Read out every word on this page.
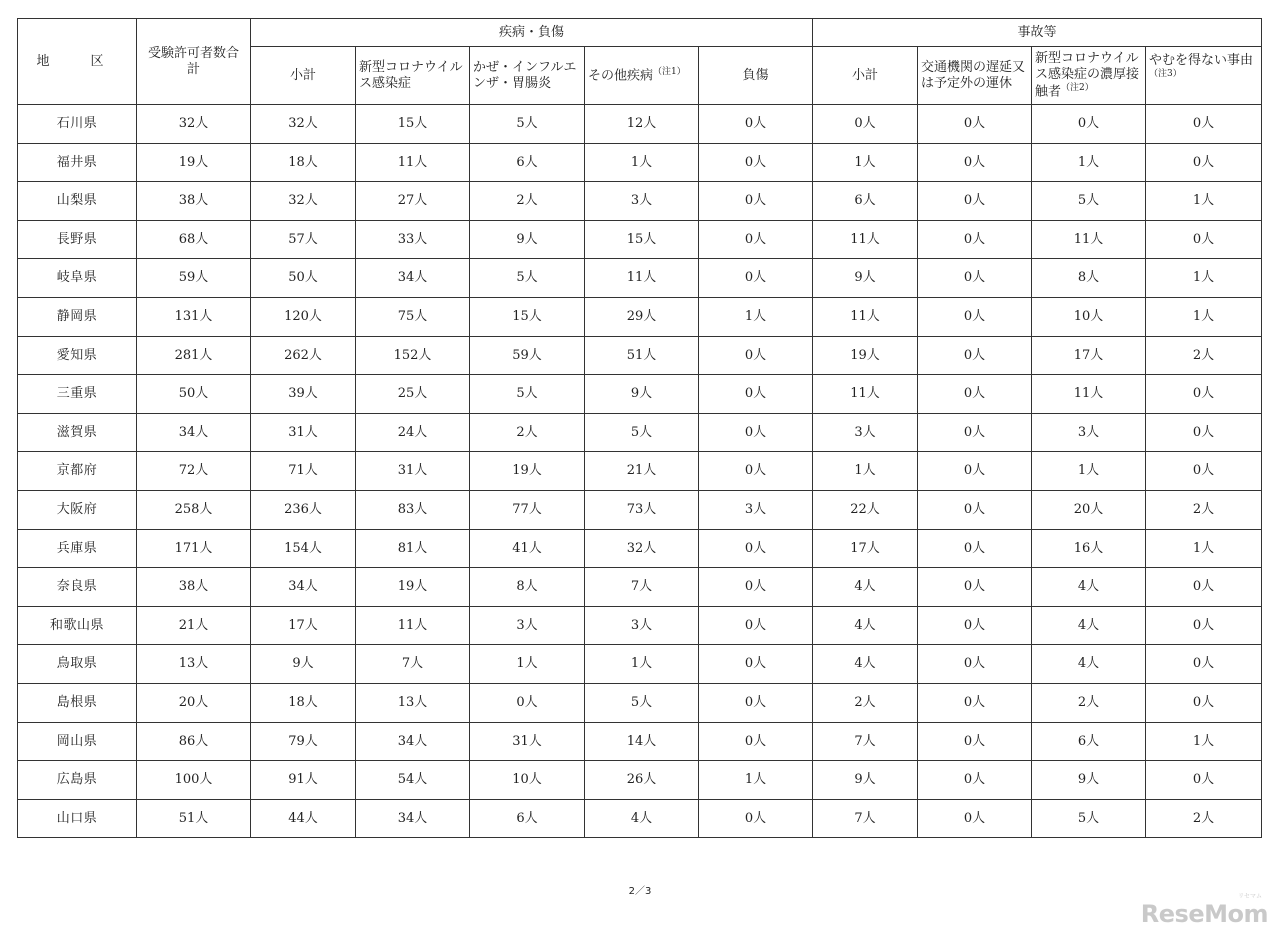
地　区	受験許可者数合計	疾病・負傷					事故等			
		小計	新型コロナウイルス感染症	かぜ・インフルエンザ・胃腸炎	その他疾病$^{(注1)}$	負傷	小計	交通機関の遅延又は予定外の運休	新型コロナウイルス感染症の濃厚接触者$^{(注2)}$	やむを得ない事由$^{(注3)}$
石川県	32人	32人	15人	5人	12人	0人	0人	0人	0人	0人
福井県	19人	18人	11人	6人	1人	0人	1人	0人	1人	0人
山梨県	38人	32人	27人	2人	3人	0人	6人	0人	5人	1人
長野県	68人	57人	33人	9人	15人	0人	11人	0人	11人	0人
岐阜県	59人	50人	34人	5人	11人	0人	9人	0人	8人	1人
静岡県	131人	120人	75人	15人	29人	1人	11人	0人	10人	1人
愛知県	281人	262人	152人	59人	51人	0人	19人	0人	17人	2人
三重県	50人	39人	25人	5人	9人	0人	11人	0人	11人	0人
滋賀県	34人	31人	24人	2人	5人	0人	3人	0人	3人	0人
京都府	72人	71人	31人	19人	21人	0人	1人	0人	1人	0人
大阪府	258人	236人	83人	77人	73人	3人	22人	0人	20人	2人
兵庫県	171人	154人	81人	41人	32人	0人	17人	0人	16人	1人
奈良県	38人	34人	19人	8人	7人	0人	4人	0人	4人	0人
和歌山県	21人	17人	11人	3人	3人	0人	4人	0人	4人	0人
鳥取県	13人	9人	7人	1人	1人	0人	4人	0人	4人	0人
島根県	20人	18人	13人	0人	5人	0人	2人	0人	2人	0人
岡山県	86人	79人	34人	31人	14人	0人	7人	0人	6人	1人
広島県	100人	91人	54人	10人	26人	1人	9人	0人	9人	0人
山口県	51人	44人	34人	6人	4人	0人	7人	0人	5人	2人
2／3	リセマム
ReseMom
